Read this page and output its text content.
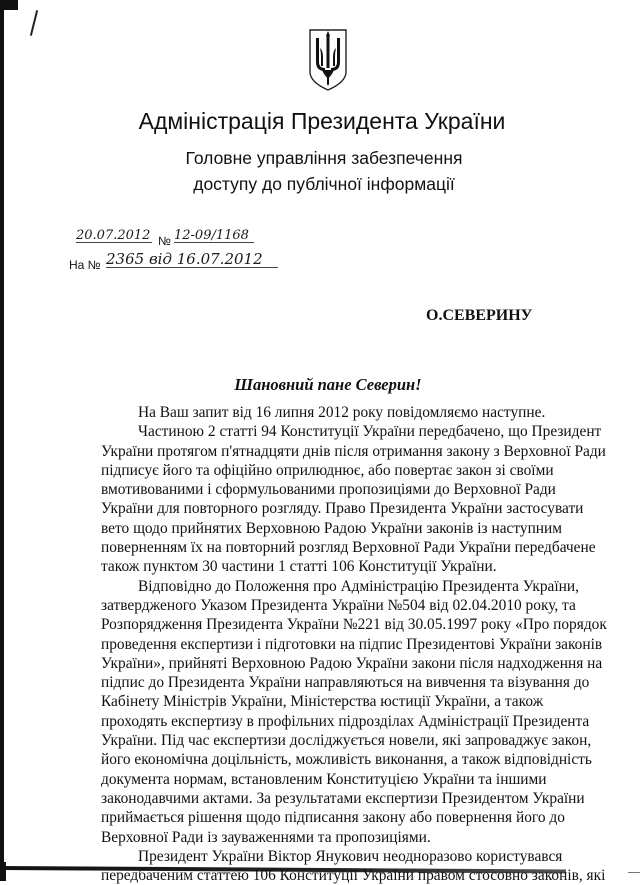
Адміністрація Президента України
Головне управління забезпечення
доступу до публічної інформації
20.07.2012 № 12-09/1168
На № 2365 від 16.07.2012
О.СЕВЕРИНУ
Шановний пане Северин!
На Ваш запит від 16 липня 2012 року повідомляємо наступне.
Частиною 2 статті 94 Конституції України передбачено, що Президент
України протягом п'ятнадцяти днів після отримання закону з Верховної Ради
підписує його та офіційно оприлюднює, або повертає закон зі своїми
вмотивованими і сформульованими пропозиціями до Верховної Ради
України для повторного розгляду. Право Президента України застосувати
вето щодо прийнятих Верховною Радою України законів із наступним
поверненням їх на повторний розгляд Верховної Ради України передбачене
також пунктом 30 частини 1 статті 106 Конституції України.
Відповідно до Положення про Адміністрацію Президента України,
затвердженого Указом Президента України №504 від 02.04.2010 року, та
Розпорядження Президента України №221 від 30.05.1997 року «Про порядок
проведення експертизи і підготовки на підпис Президентові України законів
України», прийняті Верховною Радою України закони після надходження на
підпис до Президента України направляються на вивчення та візування до
Кабінету Міністрів України, Міністерства юстиції України, а також
проходять експертизу в профільних підрозділах Адміністрації Президента
України. Під час експертизи досліджується новели, які запроваджує закон,
його економічна доцільність, можливість виконання, а також відповідність
документа нормам, встановленим Конституцією України та іншими
законодавчими актами. За результатами експертизи Президентом України
приймається рішення щодо підписання закону або повернення його до
Верховної Ради із зауваженнями та пропозиціями.
Президент України Віктор Янукович неодноразово користувався
передбаченим статтею 106 Конституції України правом стосовно законів, які
